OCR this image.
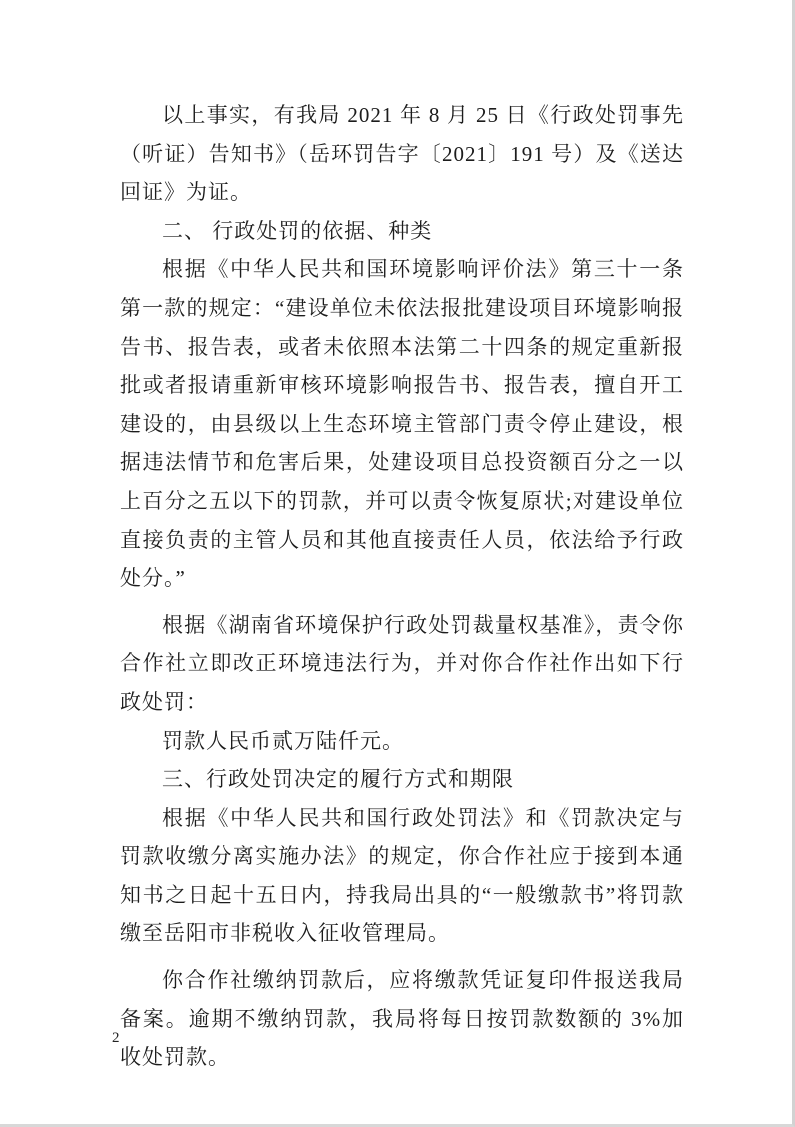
以上事实，有我局 2021 年 8 月 25 日《行政处罚事先（听证）告知书》（岳环罚告字〔2021〕191 号）及《送达回证》为证。

二、 行政处罚的依据、种类

根据《中华人民共和国环境影响评价法》第三十一条第一款的规定：“建设单位未依法报批建设项目环境影响报告书、报告表，或者未依照本法第二十四条的规定重新报批或者报请重新审核环境影响报告书、报告表，擅自开工建设的，由县级以上生态环境主管部门责令停止建设，根据违法情节和危害后果，处建设项目总投资额百分之一以上百分之五以下的罚款，并可以责令恢复原状;对建设单位直接负责的主管人员和其他直接责任人员，依法给予行政处分。”

根据《湖南省环境保护行政处罚裁量权基准》，责令你合作社立即改正环境违法行为，并对你合作社作出如下行政处罚：

罚款人民币贰万陆仟元。

三、行政处罚决定的履行方式和期限

根据《中华人民共和国行政处罚法》和《罚款决定与罚款收缴分离实施办法》的规定，你合作社应于接到本通知书之日起十五日内，持我局出具的“一般缴款书”将罚款缴至岳阳市非税收入征收管理局。

你合作社缴纳罚款后，应将缴款凭证复印件报送我局备案。逾期不缴纳罚款，我局将每日按罚款数额的 3%加收处罚款。

2
